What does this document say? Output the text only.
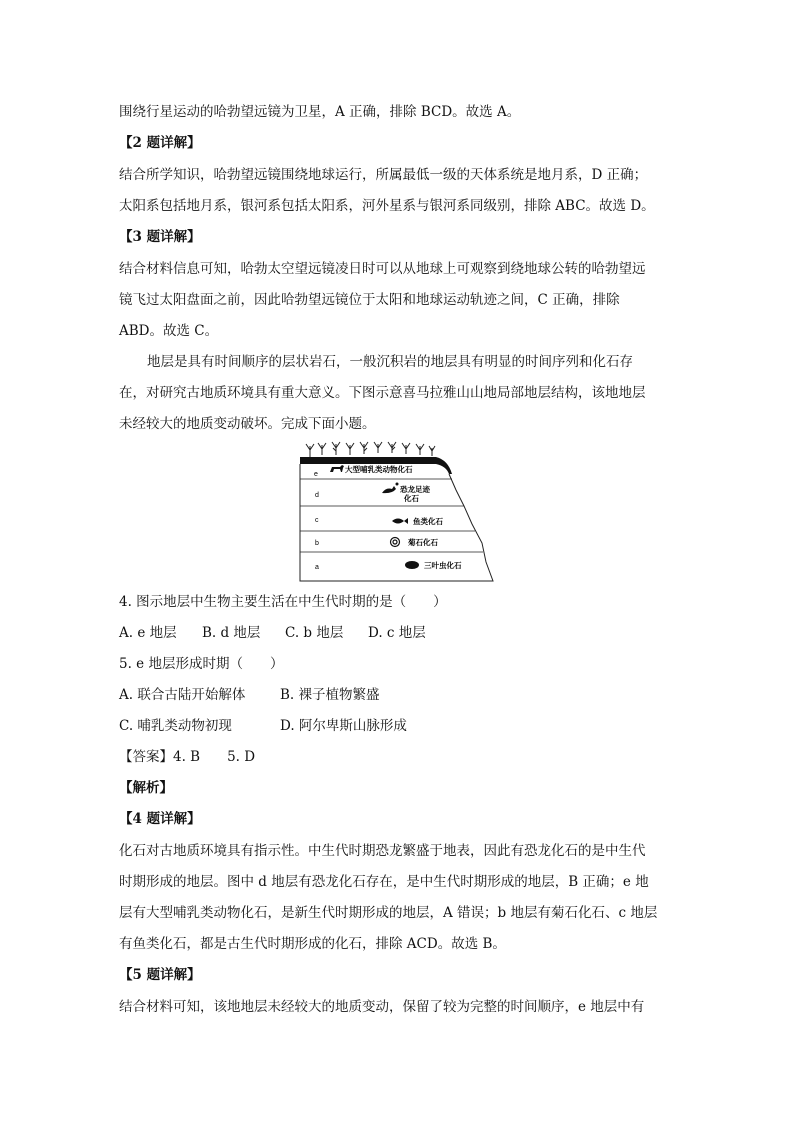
围绕行星运动的哈勃望远镜为卫星，A 正确，排除 BCD。故选 A。
【2 题详解】
结合所学知识，哈勃望远镜围绕地球运行，所属最低一级的天体系统是地月系，D 正确；
太阳系包括地月系，银河系包括太阳系，河外星系与银河系同级别，排除 ABC。故选 D。
【3 题详解】
结合材料信息可知，哈勃太空望远镜凌日时可以从地球上可观察到绕地球公转的哈勃望远
镜飞过太阳盘面之前，因此哈勃望远镜位于太阳和地球运动轨迹之间，C 正确，排除
ABD。故选 C。
地层是具有时间顺序的层状岩石，一般沉积岩的地层具有明显的时间序列和化石存
在，对研究古地质环境具有重大意义。下图示意喜马拉雅山山地局部地层结构，该地地层
未经较大的地质变动破坏。完成下面小题。
e
d
c
b
a
大型哺乳类动物化石
恐龙足迹
化石
鱼类化石
菊石化石
三叶虫化石
4. 图示地层中生物主要生活在中生代时期的是（　　）
A. e 地层 B. d 地层 C. b 地层 D. c 地层
5. e 地层形成时期（　　）
A. 联合古陆开始解体	B. 裸子植物繁盛
C. 哺乳类动物初现	D. 阿尔卑斯山脉形成
【答案】4. B　　5. D
【解析】
【4 题详解】
化石对古地质环境具有指示性。中生代时期恐龙繁盛于地表，因此有恐龙化石的是中生代
时期形成的地层。图中 d 地层有恐龙化石存在，是中生代时期形成的地层，B 正确；e 地
层有大型哺乳类动物化石，是新生代时期形成的地层，A 错误；b 地层有菊石化石、c 地层
有鱼类化石，都是古生代时期形成的化石，排除 ACD。故选 B。
【5 题详解】
结合材料可知，该地地层未经较大的地质变动，保留了较为完整的时间顺序，e 地层中有
